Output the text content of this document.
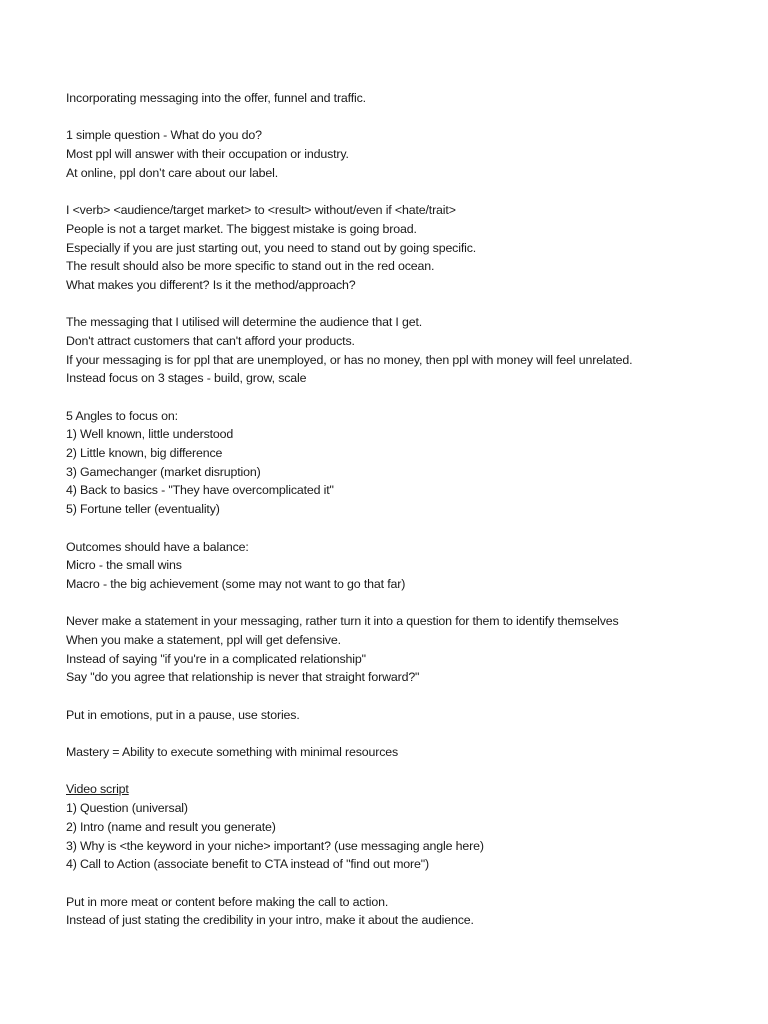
Incorporating messaging into the offer, funnel and traffic.
1 simple question - What do you do?
Most ppl will answer with their occupation or industry.
At online, ppl don’t care about our label.
I <verb> <audience/target market> to <result> without/even if <hate/trait>
People is not a target market. The biggest mistake is going broad.
Especially if you are just starting out, you need to stand out by going specific.
The result should also be more specific to stand out in the red ocean.
What makes you different? Is it the method/approach?
The messaging that I utilised will determine the audience that I get.
Don't attract customers that can't afford your products.
If your messaging is for ppl that are unemployed, or has no money, then ppl with money will feel unrelated.
Instead focus on 3 stages - build, grow, scale
5 Angles to focus on:
1) Well known, little understood
2) Little known, big difference
3) Gamechanger (market disruption)
4) Back to basics - "They have overcomplicated it"
5) Fortune teller (eventuality)
Outcomes should have a balance:
Micro - the small wins
Macro - the big achievement (some may not want to go that far)
Never make a statement in your messaging, rather turn it into a question for them to identify themselves
When you make a statement, ppl will get defensive.
Instead of saying "if you're in a complicated relationship"
Say "do you agree that relationship is never that straight forward?"
Put in emotions, put in a pause, use stories.
Mastery = Ability to execute something with minimal resources
Video script
1) Question (universal)
2) Intro (name and result you generate)
3) Why is <the keyword in your niche> important? (use messaging angle here)
4) Call to Action (associate benefit to CTA instead of "find out more")
Put in more meat or content before making the call to action.
Instead of just stating the credibility in your intro, make it about the audience.
